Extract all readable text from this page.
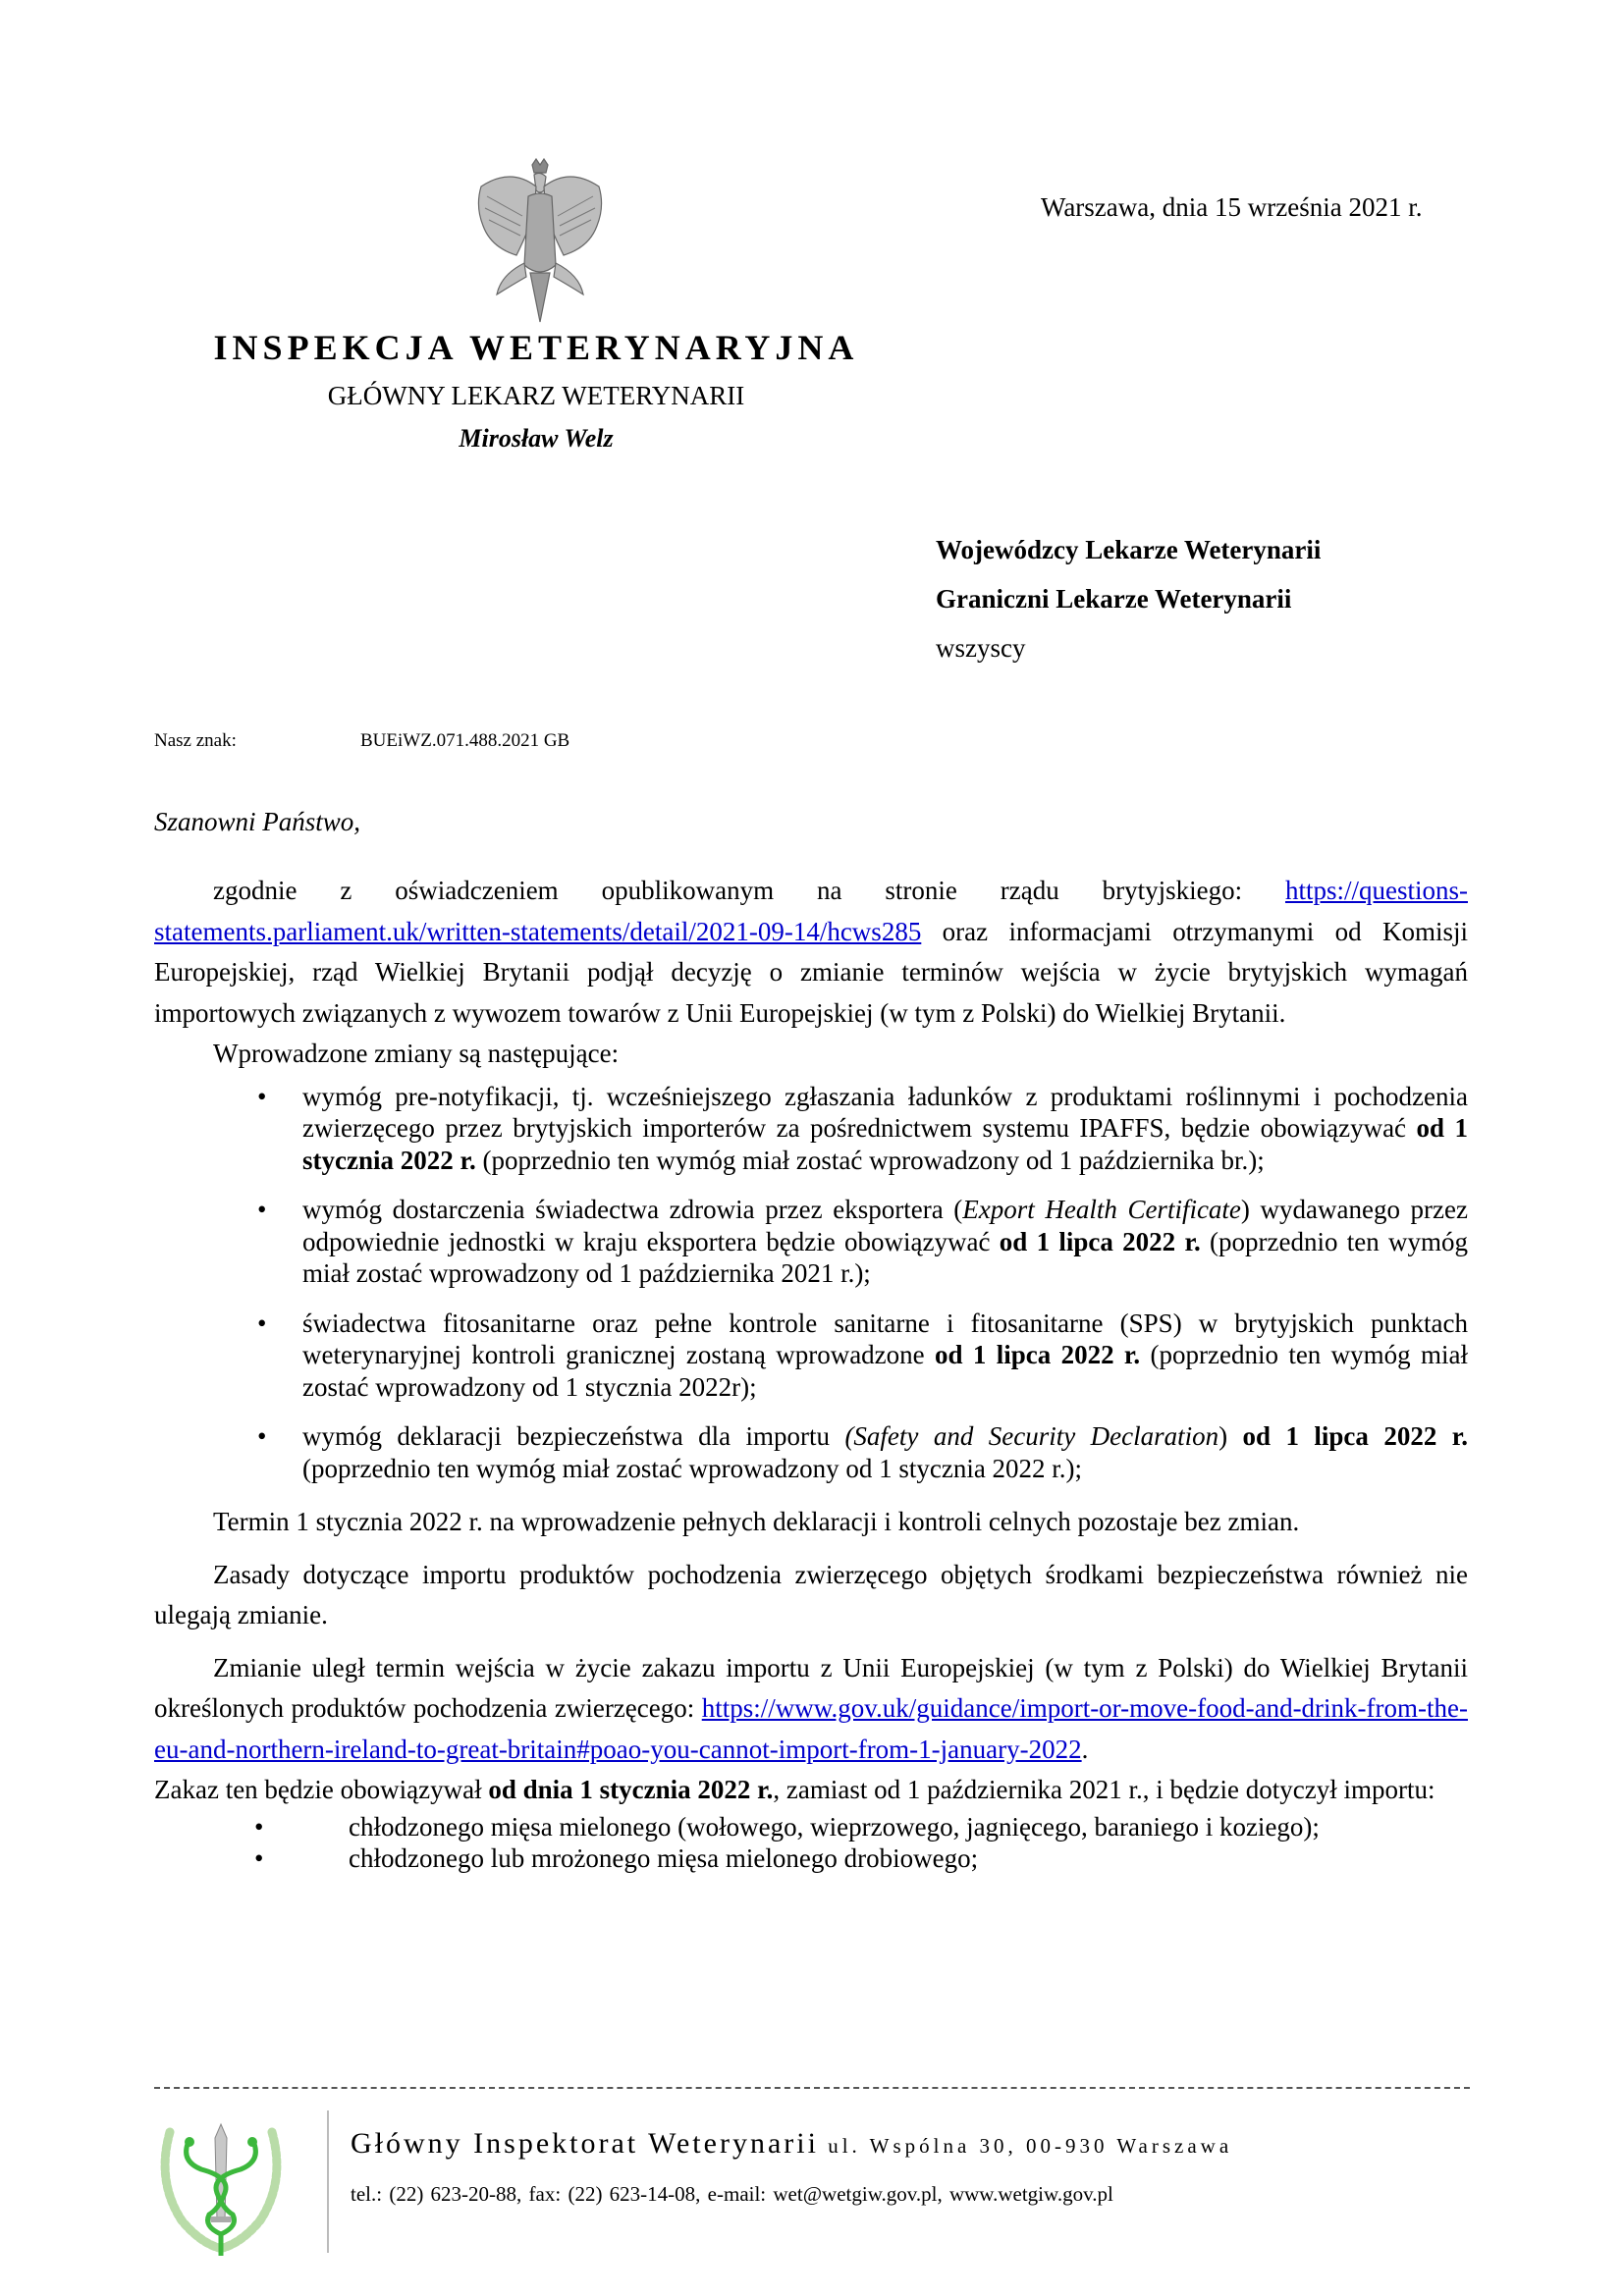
Warszawa, dnia 15 września 2021 r.
INSPEKCJA WETERYNARYJNA
GŁÓWNY LEKARZ WETERYNARII
Mirosław Welz
Wojewódzcy Lekarze Weterynarii
Graniczni Lekarze Weterynarii
wszyscy
Nasz znak:	BUEiWZ.071.488.2021 GB
Szanowni Państwo,

zgodnie z oświadczeniem opublikowanym na stronie rządu brytyjskiego: https://questions-statements.parliament.uk/written-statements/detail/2021-09-14/hcws285 oraz informacjami otrzymanymi od Komisji Europejskiej, rząd Wielkiej Brytanii podjął decyzję o zmianie terminów wejścia w życie brytyjskich wymagań importowych związanych z wywozem towarów z Unii Europejskiej (w tym z Polski) do Wielkiej Brytanii.

Wprowadzone zmiany są następujące:

• wymóg pre-notyfikacji, tj. wcześniejszego zgłaszania ładunków z produktami roślinnymi i pochodzenia zwierzęcego przez brytyjskich importerów za pośrednictwem systemu IPAFFS, będzie obowiązywać od 1 stycznia 2022 r. (poprzednio ten wymóg miał zostać wprowadzony od 1 października br.);
• wymóg dostarczenia świadectwa zdrowia przez eksportera (Export Health Certificate) wydawanego przez odpowiednie jednostki w kraju eksportera będzie obowiązywać od 1 lipca 2022 r. (poprzednio ten wymóg miał zostać wprowadzony od 1 października 2021 r.);
• świadectwa fitosanitarne oraz pełne kontrole sanitarne i fitosanitarne (SPS) w brytyjskich punktach weterynaryjnej kontroli granicznej zostaną wprowadzone od 1 lipca 2022 r. (poprzednio ten wymóg miał zostać wprowadzony od 1 stycznia 2022r);
• wymóg deklaracji bezpieczeństwa dla importu (Safety and Security Declaration) od 1 lipca 2022 r. (poprzednio ten wymóg miał zostać wprowadzony od 1 stycznia 2022 r.);

Termin 1 stycznia 2022 r. na wprowadzenie pełnych deklaracji i kontroli celnych pozostaje bez zmian.

Zasady dotyczące importu produktów pochodzenia zwierzęcego objętych środkami bezpieczeństwa również nie ulegają zmianie.

Zmianie uległ termin wejścia w życie zakazu importu z Unii Europejskiej (w tym z Polski) do Wielkiej Brytanii określonych produktów pochodzenia zwierzęcego: https://www.gov.uk/guidance/import-or-move-food-and-drink-from-the-eu-and-northern-ireland-to-great-britain#poao-you-cannot-import-from-1-january-2022.

Zakaz ten będzie obowiązywał od dnia 1 stycznia 2022 r., zamiast od 1 października 2021 r., i będzie dotyczył importu:

•	chłodzonego mięsa mielonego (wołowego, wieprzowego, jagnięcego, baraniego i koziego);
•	chłodzonego lub mrożonego mięsa mielonego drobiowego;
Główny Inspektorat Weterynarii ul. Wspólna 30, 00-930 Warszawa
tel.: (22) 623-20-88, fax: (22) 623-14-08, e-mail: wet@wetgiw.gov.pl, www.wetgiw.gov.pl
